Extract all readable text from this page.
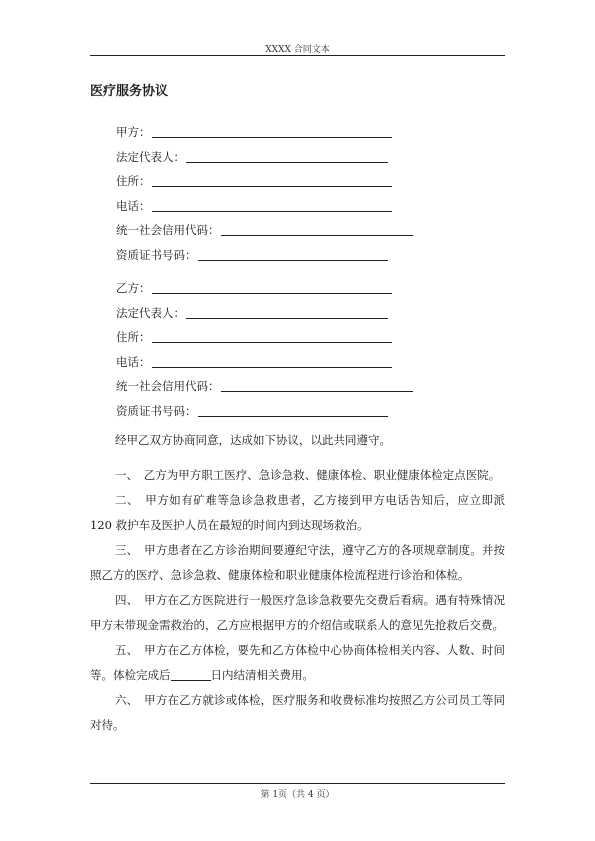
XXXX 合同文本
医疗服务协议
甲方：
法定代表人：
住所：
电话：
统一社会信用代码：
资质证书号码：
乙方：
法定代表人：
住所：
电话：
统一社会信用代码：
资质证书号码：

经甲乙双方协商同意，达成如下协议，以此共同遵守。

一、　乙方为甲方职工医疗、急诊急救、健康体检、职业健康体检定点医院。

二、　甲方如有矿难等急诊急救患者，乙方接到甲方电话告知后，应立即派120 救护车及医护人员在最短的时间内到达现场救治。

三、　甲方患者在乙方诊治期间要遵纪守法，遵守乙方的各项规章制度。并按照乙方的医疗、急诊急救、健康体检和职业健康体检流程进行诊治和体检。

四、　甲方在乙方医院进行一般医疗急诊急救要先交费后看病。遇有特殊情况甲方未带现金需救治的，乙方应根据甲方的介绍信或联系人的意见先抢救后交费。

五、　甲方在乙方体检，要先和乙方体检中心协商体检相关内容、人数、时间等。体检完成后	日内结清相关费用。

六、　甲方在乙方就诊或体检，医疗服务和收费标准均按照乙方公司员工等同对待。

第 1页（共 4 页）
